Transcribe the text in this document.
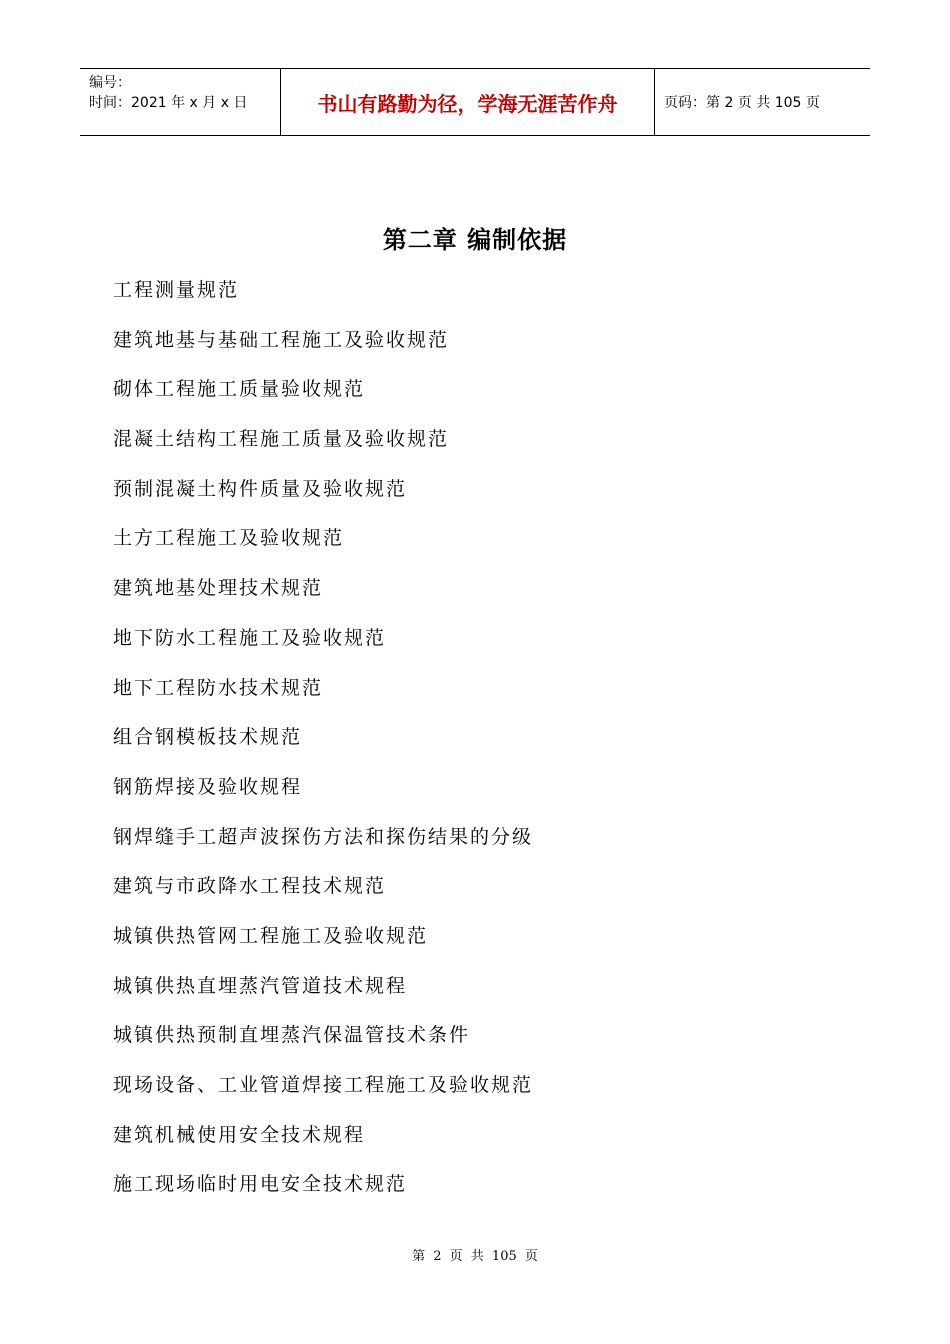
编号：
时间：2021 年 x 月 x 日	书山有路勤为径，学海无涯苦作舟	页码：第 2 页 共 105 页
第二章 编制依据
工程测量规范
建筑地基与基础工程施工及验收规范
砌体工程施工质量验收规范
混凝土结构工程施工质量及验收规范
预制混凝土构件质量及验收规范
土方工程施工及验收规范
建筑地基处理技术规范
地下防水工程施工及验收规范
地下工程防水技术规范
组合钢模板技术规范
钢筋焊接及验收规程
钢焊缝手工超声波探伤方法和探伤结果的分级
建筑与市政降水工程技术规范
城镇供热管网工程施工及验收规范
城镇供热直埋蒸汽管道技术规程
城镇供热预制直埋蒸汽保温管技术条件
现场设备、工业管道焊接工程施工及验收规范
建筑机械使用安全技术规程
施工现场临时用电安全技术规范
第 2 页 共 105 页
